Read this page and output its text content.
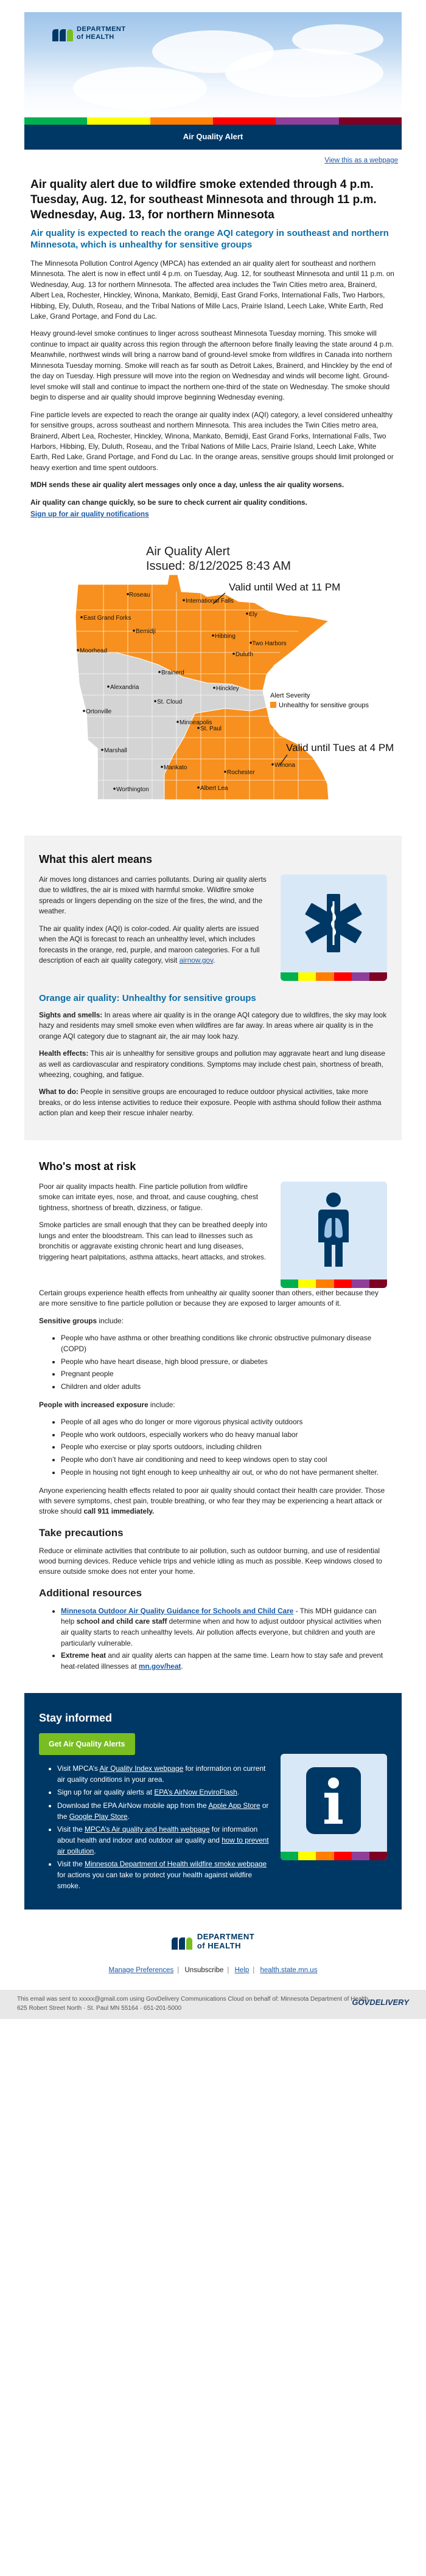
DEPARTMENT
of HEALTH
Air Quality Alert
View this as a webpage
Air quality alert due to wildfire smoke extended through 4 p.m. Tuesday, Aug. 12, for southeast Minnesota and through 11 p.m. Wednesday, Aug. 13, for northern Minnesota
Air quality is expected to reach the orange AQI category in southeast and northern Minnesota, which is unhealthy for sensitive groups

The Minnesota Pollution Control Agency (MPCA) has extended an air quality alert for southeast and northern Minnesota. The alert is now in effect until 4 p.m. on Tuesday, Aug. 12, for southeast Minnesota and until 11 p.m. on Wednesday, Aug. 13 for northern Minnesota. The affected area includes the Twin Cities metro area, Brainerd, Albert Lea, Rochester, Hinckley, Winona, Mankato, Bemidji, East Grand Forks, International Falls, Two Harbors, Hibbing, Ely, Duluth, Roseau, and the Tribal Nations of Mille Lacs, Prairie Island, Leech Lake, White Earth, Red Lake, Grand Portage, and Fond du Lac.

Heavy ground-level smoke continues to linger across southeast Minnesota Tuesday morning. This smoke will continue to impact air quality across this region through the afternoon before finally leaving the state around 4 p.m. Meanwhile, northwest winds will bring a narrow band of ground-level smoke from wildfires in Canada into northern Minnesota Tuesday morning. Smoke will reach as far south as Detroit Lakes, Brainerd, and Hinckley by the end of the day on Tuesday. High pressure will move into the region on Wednesday and winds will become light. Ground-level smoke will stall and continue to impact the northern one-third of the state on Wednesday. The smoke should begin to disperse and air quality should improve beginning Wednesday evening.

Fine particle levels are expected to reach the orange air quality index (AQI) category, a level considered unhealthy for sensitive groups, across southeast and northern Minnesota. This area includes the Twin Cities metro area, Brainerd, Albert Lea, Rochester, Hinckley, Winona, Mankato, Bemidji, East Grand Forks, International Falls, Two Harbors, Hibbing, Ely, Duluth, Roseau, and the Tribal Nations of Mille Lacs, Prairie Island, Leech Lake, White Earth, Red Lake, Grand Portage, and Fond du Lac. In the orange areas, sensitive groups should limit prolonged or heavy exertion and time spent outdoors.

MDH sends these air quality alert messages only once a day, unless the air quality worsens.

Air quality can change quickly, so be sure to check current air quality conditions.

Sign up for air quality notifications

Air Quality Alert
Issued: 8/12/2025 8:43 AM
Valid until Wed at 11 PM
Valid until Tues at 4 PM
Alert Severity
Unhealthy for sensitive groups
International Falls
Roseau
Ely
East Grand Forks
Bemidji
Hibbing
Two Harbors
Duluth
Moorhead
Brainerd
Alexandria	Hinckley
St. Cloud
Ortonville
Minneapolis
St. Paul
Marshall
Mankato
Rochester
Winona
Worthington	Albert Lea
What this alert means

Air moves long distances and carries pollutants. During air quality alerts due to wildfires, the air is mixed with harmful smoke. Wildfire smoke spreads or lingers depending on the size of the fires, the wind, and the weather.

The air quality index (AQI) is color-coded. Air quality alerts are issued when the AQI is forecast to reach an unhealthy level, which includes forecasts in the orange, red, purple, and maroon categories. For a full description of each air quality category, visit airnow.gov.

Orange air quality: Unhealthy for sensitive groups

Sights and smells: In areas where air quality is in the orange AQI category due to wildfires, the sky may look hazy and residents may smell smoke even when wildfires are far away. In areas where air quality is in the orange AQI category due to stagnant air, the air may look hazy.

Health effects: This air is unhealthy for sensitive groups and pollution may aggravate heart and lung disease as well as cardiovascular and respiratory conditions. Symptoms may include chest pain, shortness of breath, wheezing, coughing, and fatigue.

What to do: People in sensitive groups are encouraged to reduce outdoor physical activities, take more breaks, or do less intense activities to reduce their exposure. People with asthma should follow their asthma action plan and keep their rescue inhaler nearby.

Who's most at risk

Poor air quality impacts health. Fine particle pollution from wildfire smoke can irritate eyes, nose, and throat, and cause coughing, chest tightness, shortness of breath, dizziness, or fatigue.

Smoke particles are small enough that they can be breathed deeply into lungs and enter the bloodstream. This can lead to illnesses such as bronchitis or aggravate existing chronic heart and lung diseases, triggering heart palpitations, asthma attacks, heart attacks, and strokes.

Certain groups experience health effects from unhealthy air quality sooner than others, either because they are more sensitive to fine particle pollution or because they are exposed to larger amounts of it.

Sensitive groups include:

• People who have asthma or other breathing conditions like chronic obstructive pulmonary disease (COPD)
• People who have heart disease, high blood pressure, or diabetes
• Pregnant people
• Children and older adults

People with increased exposure include:

• People of all ages who do longer or more vigorous physical activity outdoors
• People who work outdoors, especially workers who do heavy manual labor
• People who exercise or play sports outdoors, including children
• People who don’t have air conditioning and need to keep windows open to stay cool
• People in housing not tight enough to keep unhealthy air out, or who do not have permanent shelter.

Anyone experiencing health effects related to poor air quality should contact their health care provider. Those with severe symptoms, chest pain, trouble breathing, or who fear they may be experiencing a heart attack or stroke should call 911 immediately.

Take precautions

Reduce or eliminate activities that contribute to air pollution, such as outdoor burning, and use of residential wood burning devices. Reduce vehicle trips and vehicle idling as much as possible. Keep windows closed to ensure outside smoke does not enter your home.

Additional resources
• Minnesota Outdoor Air Quality Guidance for Schools and Child Care - This MDH guidance can help school and child care staff determine when and how to adjust outdoor physical activities when air quality starts to reach unhealthy levels. Air pollution affects everyone, but children and youth are particularly vulnerable.
• Extreme heat and air quality alerts can happen at the same time. Learn how to stay safe and prevent heat-related illnesses at mn.gov/heat.
Stay informed
Get Air Quality Alerts
• Visit MPCA’s Air Quality Index webpage for information on current air quality conditions in your area.
• Sign up for air quality alerts at EPA’s AirNow EnviroFlash.
• Download the EPA AirNow mobile app from the Apple App Store or the Google Play Store.
• Visit the MPCA’s Air quality and health webpage for information about health and indoor and outdoor air quality and how to prevent air pollution.
• Visit the Minnesota Department of Health wildfire smoke webpage for actions you can take to protect your health against wildfire smoke.
DEPARTMENT
of HEALTH
Manage Preferences | Unsubscribe | Help | health.state.mn.us
This email was sent to xxxxx@gmail.com using GovDelivery Communications Cloud on behalf of: Minnesota Department of Health
625 Robert Street North · St. Paul MN 55164 · 651-201-5000
GOVDELIVERY
